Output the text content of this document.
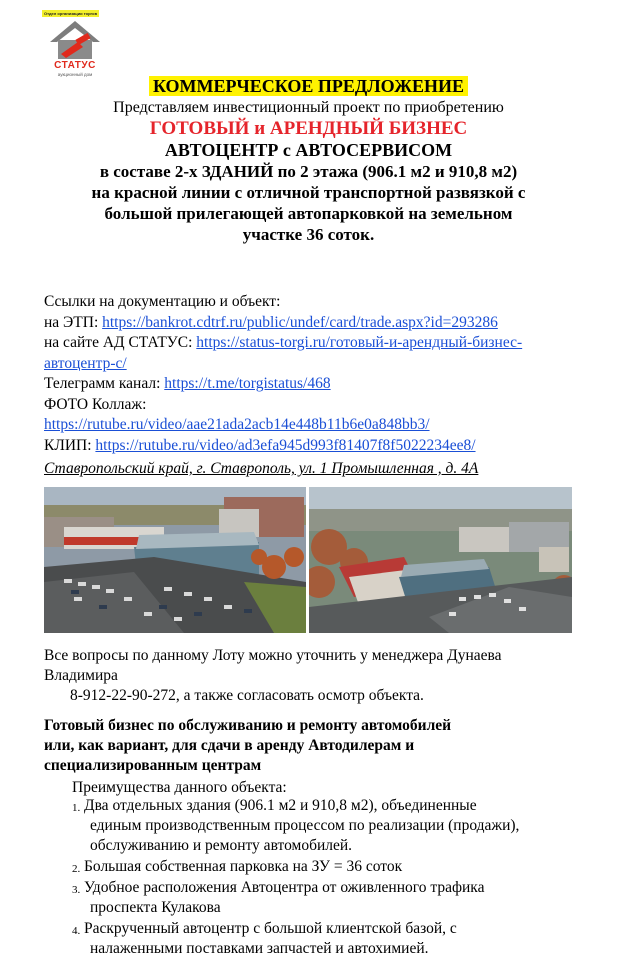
Отдел организации торгов
СТАТУС
аукционный дом
КОММЕРЧЕСКОЕ ПРЕДЛОЖЕНИЕ
Представляем инвестиционный проект по приобретению
ГОТОВЫЙ и АРЕНДНЫЙ БИЗНЕС
АВТОЦЕНТР с АВТОСЕРВИСОМ
в составе 2-х ЗДАНИЙ по 2 этажа (906.1 м2 и 910,8 м2)
на красной линии с отличной транспортной развязкой с
большой прилегающей автопарковкой на земельном
участке 36 соток.
Ссылки на документацию и объект:
на ЭТП: https://bankrot.cdtrf.ru/public/undef/card/trade.aspx?id=293286
на сайте АД СТАТУС: https://status-torgi.ru/готовый-и-арендный-бизнес-
автоцентр-с/
Телеграмм канал: https://t.me/torgistatus/468
ФОТО Коллаж:
https://rutube.ru/video/aae21ada2acb14e448b11b6e0a848bb3/
КЛИП: https://rutube.ru/video/ad3efa945d993f81407f8f5022234ee8/
Ставропольский край, г. Ставрополь, ул. 1 Промышленная , д. 4А
Все вопросы по данному Лоту можно уточнить у менеджера Дунаева
Владимира
8-912-22-90-272, а также согласовать осмотр объекта.
Готовый бизнес по обслуживанию и ремонту автомобилей
или, как вариант, для сдачи в аренду Автодилерам и
специализированным центрам
Преимущества данного объекта:
1. Два отдельных здания (906.1 м2 и 910,8 м2), объединенные
единым производственным процессом по реализации (продажи),
обслуживанию и ремонту автомобилей.
2. Большая собственная парковка на ЗУ = 36 соток
3. Удобное расположения Автоцентра от оживленного трафика
проспекта Кулакова
4. Раскрученный автоцентр с большой клиентской базой, с
налаженными поставками запчастей и автохимией.
